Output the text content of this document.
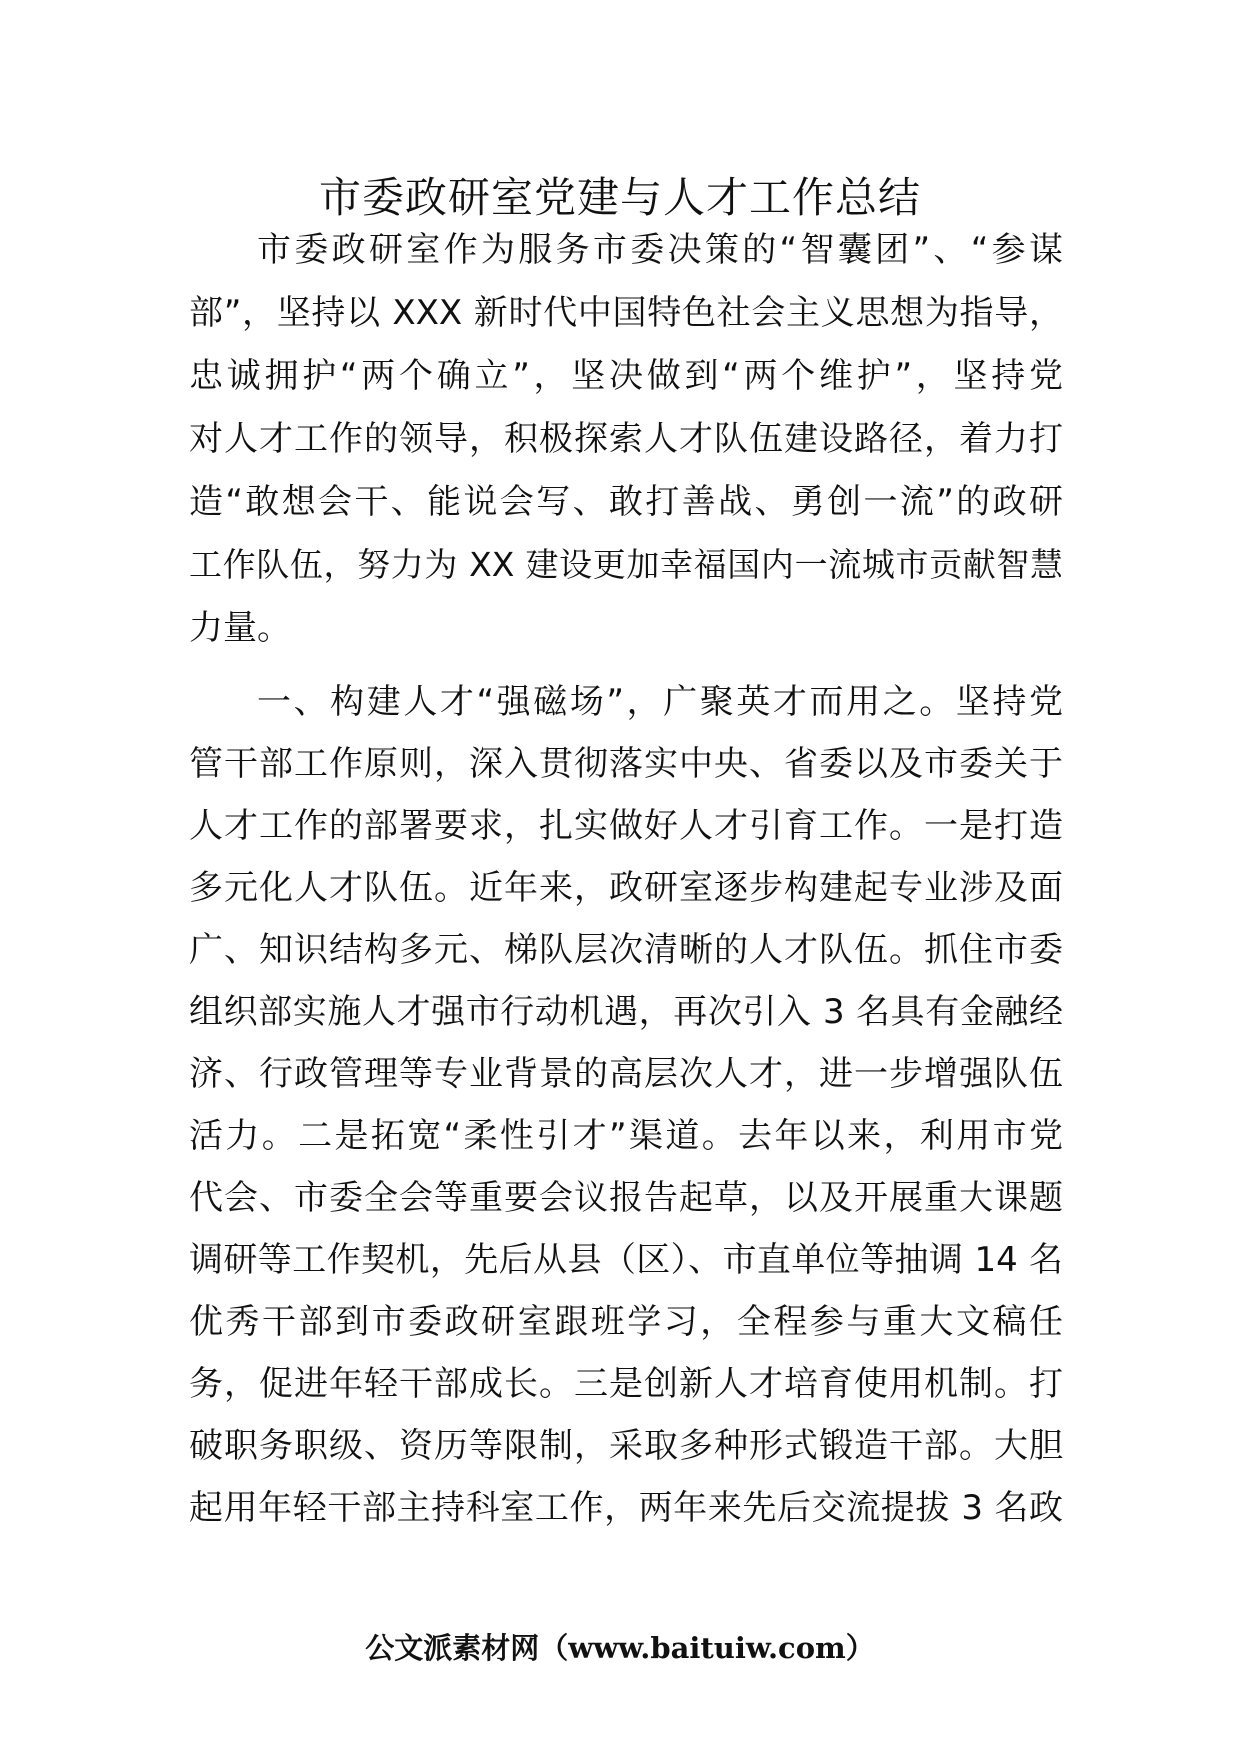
市委政研室党建与人才工作总结

市委政研室作为服务市委决策的“智囊团”、“参谋

部”，坚持以 XXX 新时代中国特色社会主义思想为指导，

忠诚拥护“两个确立”，坚决做到“两个维护”，坚持党

对人才工作的领导，积极探索人才队伍建设路径，着力打

造“敢想会干、能说会写、敢打善战、勇创一流”的政研

工作队伍，努力为 XX 建设更加幸福国内一流城市贡献智慧

力量。

一、构建人才“强磁场”，广聚英才而用之。坚持党

管干部工作原则，深入贯彻落实中央、省委以及市委关于

人才工作的部署要求，扎实做好人才引育工作。一是打造

多元化人才队伍。近年来，政研室逐步构建起专业涉及面

广、知识结构多元、梯队层次清晰的人才队伍。抓住市委

组织部实施人才强市行动机遇，再次引入 3 名具有金融经

济、行政管理等专业背景的高层次人才，进一步增强队伍

活力。二是拓宽“柔性引才”渠道。去年以来，利用市党

代会、市委全会等重要会议报告起草，以及开展重大课题

调研等工作契机，先后从县（区）、市直单位等抽调 14 名

优秀干部到市委政研室跟班学习，全程参与重大文稿任

务，促进年轻干部成长。三是创新人才培育使用机制。打

破职务职级、资历等限制，采取多种形式锻造干部。大胆

起用年轻干部主持科室工作，两年来先后交流提拔 3 名政

公文派素材网（www.baituiw.com）
